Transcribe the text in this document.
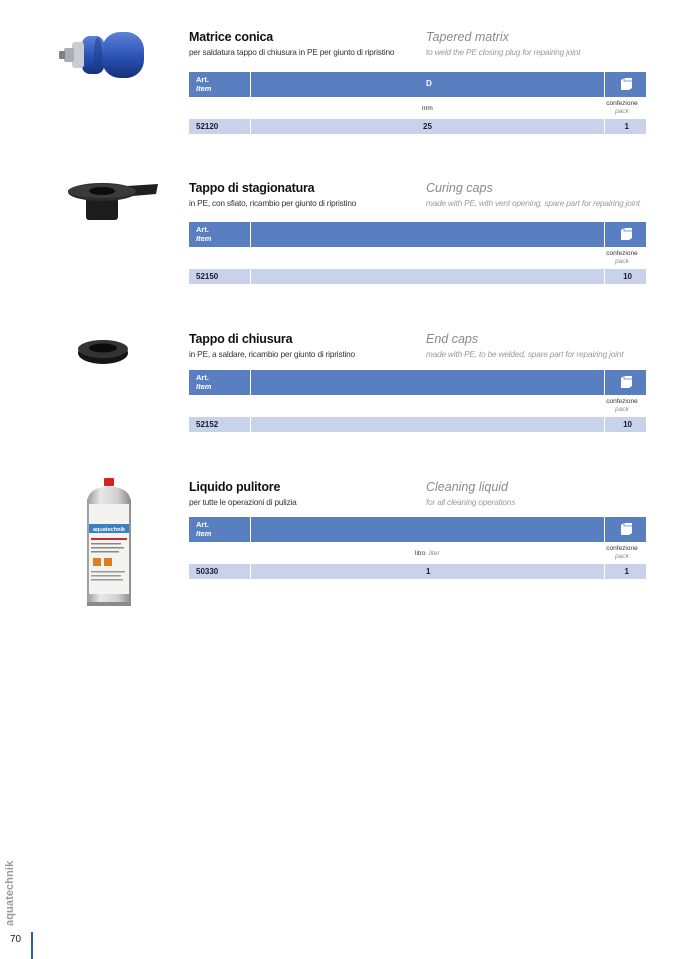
Matrice conica
per saldatura tappo di chiusura in PE per giunto di ripristino
Tapered matrix
to weld the PE closing plug for repairing joint
Art.
Item
D
mm
confezione
pack
52120	25	1
Tappo di stagionatura
in PE, con sfiato, ricambio per giunto di ripristino
Curing caps
made with PE, with vent opening, spare part for repairing joint
Art.
Item
confezione
pack
52150	10
Tappo di chiusura
in PE, a saldare, ricambio per giunto di ripristino
End caps
made with PE, to be welded, spare part for repairing joint
Art.
Item
confezione
pack
52152	10
aquatechnik
Liquido pulitore
per tutte le operazioni di pulizia
Cleaning liquid
for all cleaning operations
Art.
Item
litro liter
confezione
pack
50330	1	1
aquatechnik
70
